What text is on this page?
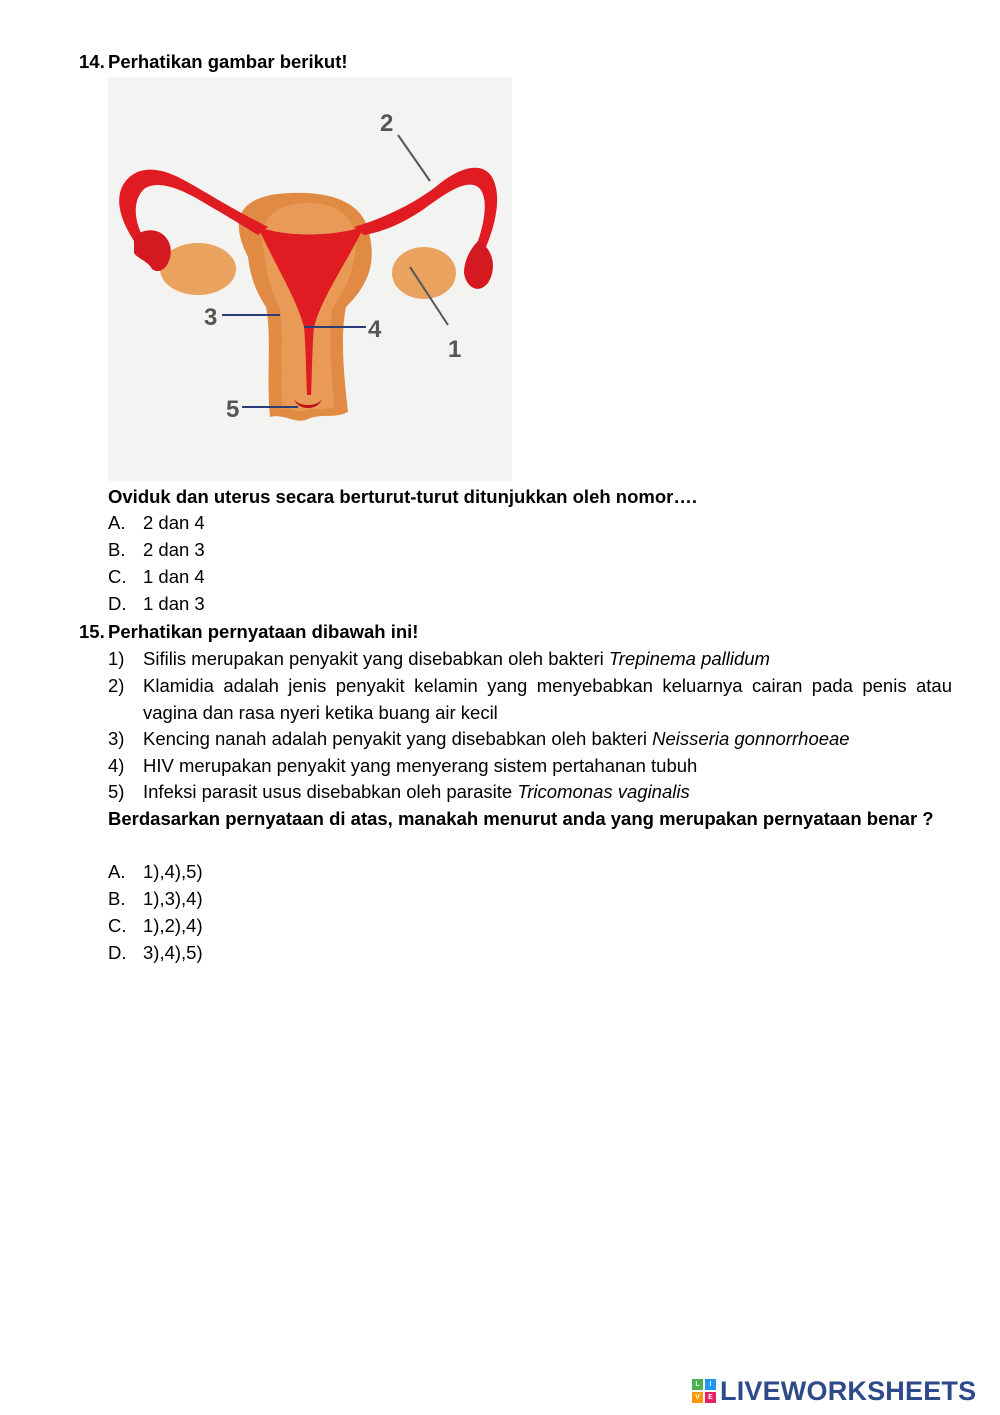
14. Perhatikan gambar berikut!
2
1
3	4
5
Oviduk dan uterus secara berturut-turut ditunjukkan oleh nomor….
A. 2 dan 4
B. 2 dan 3
C. 1 dan 4
D. 1 dan 3
15. Perhatikan pernyataan dibawah ini!
1) Sifilis merupakan penyakit yang disebabkan oleh bakteri Trepinema pallidum
2) Klamidia adalah jenis penyakit kelamin yang menyebabkan keluarnya cairan pada penis atau vagina dan rasa nyeri ketika buang air kecil
3) Kencing nanah adalah penyakit yang disebabkan oleh bakteri Neisseria gonnorrhoeae
4) HIV merupakan penyakit yang menyerang sistem pertahanan tubuh
5) Infeksi parasit usus disebabkan oleh parasite Tricomonas vaginalis
Berdasarkan pernyataan di atas, manakah menurut anda yang merupakan pernyataan benar ?
A. 1),4),5)
B. 1),3),4)
C. 1),2),4)
D. 3),4),5)
L	I
V	E LIVEWORKSHEETS
